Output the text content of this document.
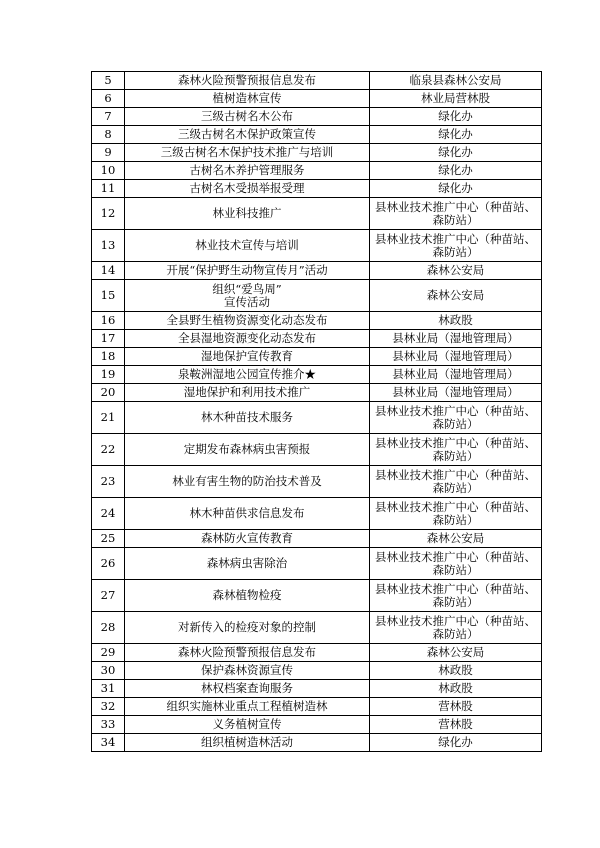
5	森林火险预警预报信息发布	临泉县森林公安局

6	植树造林宣传	林业局营林股

7	三级古树名木公布	绿化办

8	三级古树名木保护政策宣传	绿化办

9	三级古树名木保护技术推广与培训	绿化办

10	古树名木养护管理服务	绿化办

11	古树名木受损举报受理	绿化办

12	林业科技推广	县林业技术推广中心（种苗站、
森防站）

13	林业技术宣传与培训	县林业技术推广中心（种苗站、
森防站）

14	开展“保护野生动物宣传月”活动	森林公安局

15	组织“爱鸟周”
宣传活动	森林公安局

16	全县野生植物资源变化动态发布	林政股

17	全县湿地资源变化动态发布	县林业局（湿地管理局）

18	湿地保护宣传教育	县林业局（湿地管理局）

19	泉鞍洲湿地公园宣传推介★	县林业局（湿地管理局）

20	湿地保护和利用技术推广	县林业局（湿地管理局）

21	林木种苗技术服务	县林业技术推广中心（种苗站、
森防站）

22	定期发布森林病虫害预报	县林业技术推广中心（种苗站、
森防站）

23	林业有害生物的防治技术普及	县林业技术推广中心（种苗站、
森防站）

24	林木种苗供求信息发布	县林业技术推广中心（种苗站、
森防站）

25	森林防火宣传教育	森林公安局

26	森林病虫害除治	县林业技术推广中心（种苗站、
森防站）

27	森林植物检疫	县林业技术推广中心（种苗站、
森防站）

28	对新传入的检疫对象的控制	县林业技术推广中心（种苗站、
森防站）

29	森林火险预警预报信息发布	森林公安局

30	保护森林资源宣传	林政股

31	林权档案查询服务	林政股

32	组织实施林业重点工程植树造林	营林股

33	义务植树宣传	营林股

34	组织植树造林活动	绿化办
